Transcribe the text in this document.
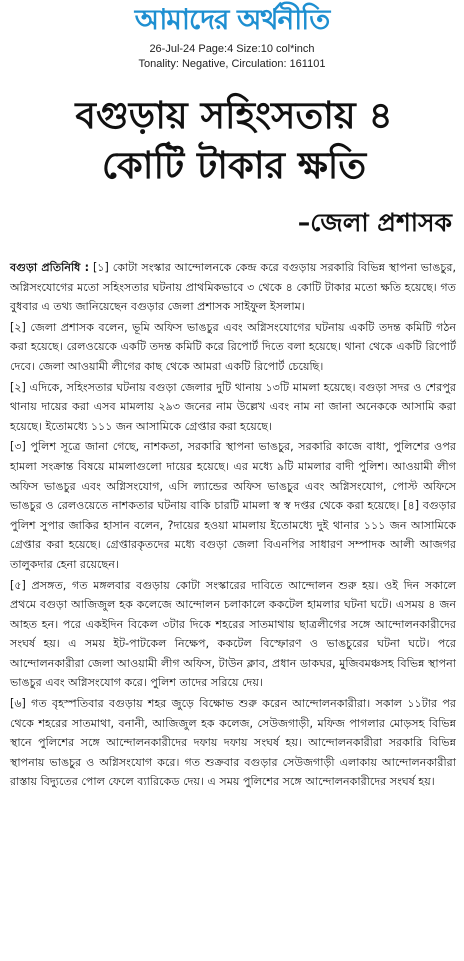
আমাদের অর্থনীতি
26-Jul-24 Page:4 Size:10 col*inch
Tonality: Negative, Circulation: 161101
বগুড়ায় সহিংসতায় ৪
কোটি টাকার ক্ষতি
–জেলা প্রশাসক

বগুড়া প্রতিনিধি : [১] কোটা সংস্কার আন্দোলনকে কেন্দ্র করে বগুড়ায় সরকারি বিভিন্ন স্থাপনা ভাঙচুর, অগ্নিসংযোগের মতো সহিংসতার ঘটনায় প্রাথমিকভাবে ৩ থেকে ৪ কোটি টাকার মতো ক্ষতি হয়েছে। গত বুধবার এ তথ্য জানিয়েছেন বগুড়ার জেলা প্রশাসক সাইফুল ইসলাম।

[২] জেলা প্রশাসক বলেন, ভূমি অফিস ভাঙচুর এবং অগ্নিসংযোগের ঘটনায় একটি তদন্ত কমিটি গঠন করা হয়েছে। রেলওয়েকে একটি তদন্ত কমিটি করে রিপোর্ট দিতে বলা হয়েছে। থানা থেকে একটি রিপোর্ট দেবে। জেলা আওয়ামী লীগের কাছ থেকে আমরা একটি রিপোর্ট চেয়েছি।

[২] এদিকে, সহিংসতার ঘটনায় বগুড়া জেলার দুটি থানায় ১৩টি মামলা হয়েছে। বগুড়া সদর ও শেরপুর থানায় দায়ের করা এসব মামলায় ২৯৩ জনের নাম উল্লেখ এবং নাম না জানা অনেককে আসামি করা হয়েছে। ইতোমধ্যে ১১১ জন আসামিকে গ্রেপ্তার করা হয়েছে।

[৩] পুলিশ সূত্রে জানা গেছে, নাশকতা, সরকারি স্থাপনা ভাঙচুর, সরকারি কাজে বাধা, পুলিশের ওপর হামলা সংক্রান্ত বিষয়ে মামলাগুলো দায়ের হয়েছে। এর মধ্যে ৯টি মামলার বাদী পুলিশ। আওয়ামী লীগ অফিস ভাঙচুর এবং অগ্নিসংযোগ, এসি ল্যান্ডের অফিস ভাঙচুর এবং অগ্নিসংযোগ, পোস্ট অফিসে ভাঙচুর ও রেলওয়েতে নাশকতার ঘটনায় বাকি চারটি মামলা স্ব স্ব দপ্তর থেকে করা হয়েছে। [৪] বগুড়ার পুলিশ সুপার জাকির হাসান বলেন, ?দায়ের হওয়া মামলায় ইতোমধ্যে দুই থানার ১১১ জন আসামিকে গ্রেপ্তার করা হয়েছে। গ্রেপ্তারকৃতদের মধ্যে বগুড়া জেলা বিএনপির সাধারণ সম্পাদক আলী আজগর তালুকদার হেনা রয়েছেন।

[৫] প্রসঙ্গত, গত মঙ্গলবার বগুড়ায় কোটা সংস্কারের দাবিতে আন্দোলন শুরু হয়। ওই দিন সকালে প্রথমে বগুড়া আজিজুল হক কলেজে আন্দোলন চলাকালে ককটেল হামলার ঘটনা ঘটে। এসময় ৪ জন আহত হন। পরে একইদিন বিকেল ৩টার দিকে শহরের সাতমাথায় ছাত্রলীগের সঙ্গে আন্দোলনকারীদের সংঘর্ষ হয়। এ সময় ইট-পাটকেল নিক্ষেপ, ককটেল বিস্ফোরণ ও ভাঙচুরের ঘটনা ঘটে। পরে আন্দোলনকারীরা জেলা আওয়ামী লীগ অফিস, টাউন ক্লাব, প্রধান ডাকঘর, মুজিবমঞ্চসহ বিভিন্ন স্থাপনা ভাঙচুর এবং অগ্নিসংযোগ করে। পুলিশ তাদের সরিয়ে দেয়।

[৬] গত বৃহস্পতিবার বগুড়ায় শহর জুড়ে বিক্ষোভ শুরু করেন আন্দোলনকারীরা। সকাল ১১টার পর থেকে শহরের সাতমাথা, বনানী, আজিজুল হক কলেজ, সেউজগাড়ী, মফিজ পাগলার মোড়সহ বিভিন্ন স্থানে পুলিশের সঙ্গে আন্দোলনকারীদের দফায় দফায় সংঘর্ষ হয়। আন্দোলনকারীরা সরকারি বিভিন্ন স্থাপনায় ভাঙচুর ও অগ্নিসংযোগ করে। গত শুক্রবার বগুড়ার সেউজগাড়ী এলাকায় আন্দোলনকারীরা রাস্তায় বিদ্যুতের পোল ফেলে ব্যারিকেড দেয়। এ সময় পুলিশের সঙ্গে আন্দোলনকারীদের সংঘর্ষ হয়।
